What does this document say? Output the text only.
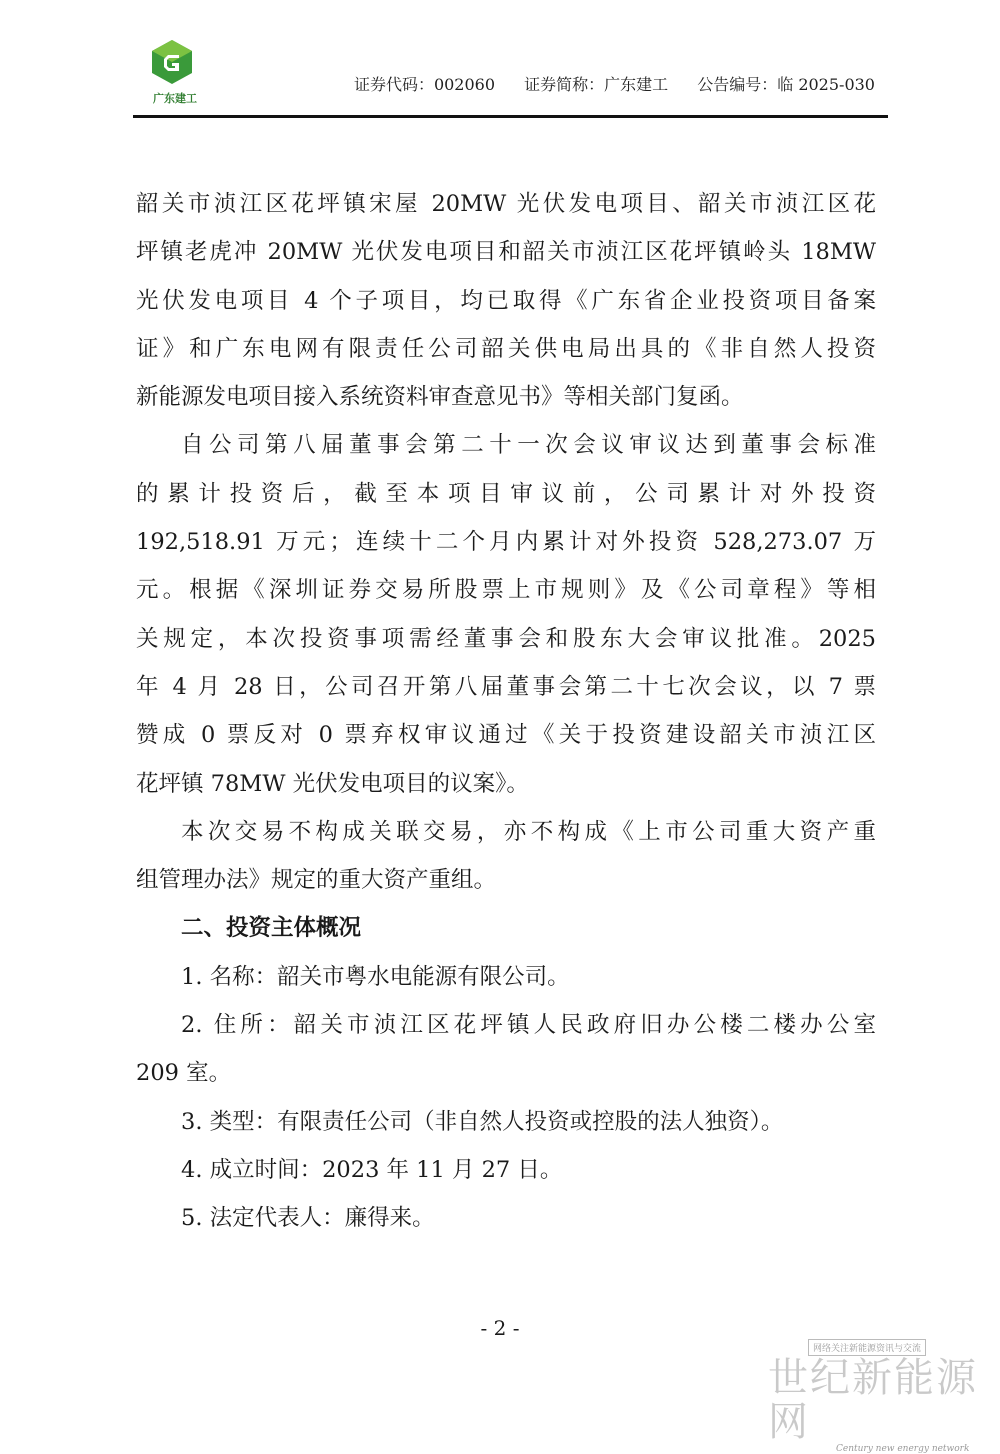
广东建工
证券代码：002060 证券简称：广东建工 公告编号：临 2025-030
韶关市浈江区花坪镇宋屋 20MW 光伏发电项目、韶关市浈江区花
坪镇老虎冲 20MW 光伏发电项目和韶关市浈江区花坪镇岭头 18MW
光伏发电项目 4 个子项目，均已取得《广东省企业投资项目备案
证》和广东电网有限责任公司韶关供电局出具的《非自然人投资
新能源发电项目接入系统资料审查意见书》等相关部门复函。
自公司第八届董事会第二十一次会议审议达到董事会标准
的累计投资后，截至本项目审议前，公司累计对外投资
192,518.91 万元；连续十二个月内累计对外投资 528,273.07 万
元。根据《深圳证券交易所股票上市规则》及《公司章程》等相
关规定，本次投资事项需经董事会和股东大会审议批准。2025
年 4 月 28 日，公司召开第八届董事会第二十七次会议，以 7 票
赞成 0 票反对 0 票弃权审议通过《关于投资建设韶关市浈江区
花坪镇 78MW 光伏发电项目的议案》。
本次交易不构成关联交易，亦不构成《上市公司重大资产重
组管理办法》规定的重大资产重组。
二、投资主体概况
1. 名称：韶关市粤水电能源有限公司。
2. 住所：韶关市浈江区花坪镇人民政府旧办公楼二楼办公室
209 室。
3. 类型：有限责任公司（非自然人投资或控股的法人独资）。
4. 成立时间：2023 年 11 月 27 日。
5. 法定代表人：廉得来。
- 2 -
网络关注新能源资讯与交流
世纪新能源网
Century new energy network
